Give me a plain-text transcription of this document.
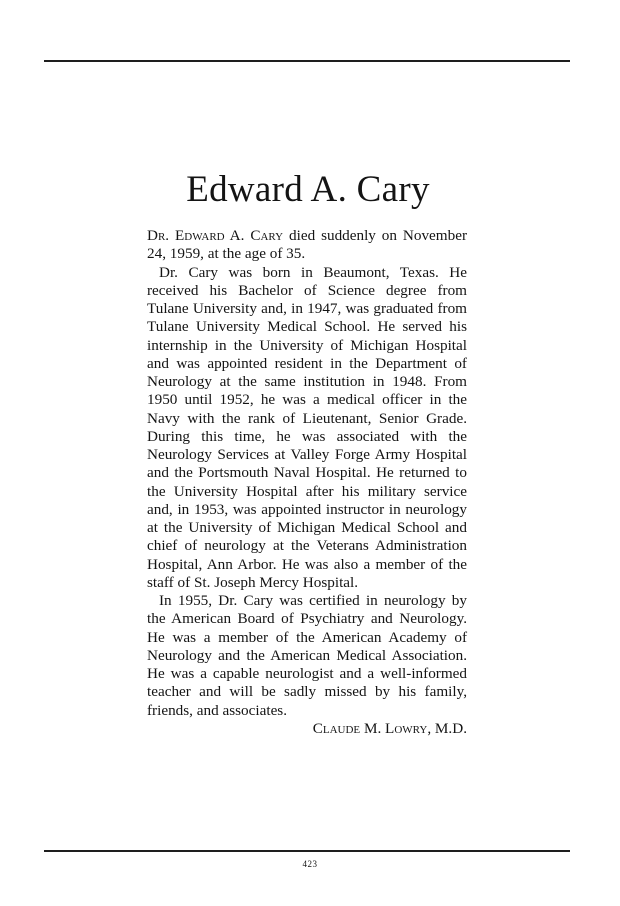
Edward A. Cary

Dr. Edward A. Cary died suddenly on November 24, 1959, at the age of 35.

Dr. Cary was born in Beaumont, Texas. He received his Bachelor of Science degree from Tulane University and, in 1947, was graduated from Tulane University Medical School. He served his internship in the University of Michigan Hospital and was appointed resident in the Department of Neurology at the same institution in 1948. From 1950 until 1952, he was a medical officer in the Navy with the rank of Lieutenant, Senior Grade. During this time, he was associated with the Neurology Services at Valley Forge Army Hospital and the Portsmouth Naval Hospital. He returned to the University Hospital after his military service and, in 1953, was appointed instructor in neurology at the University of Michigan Medical School and chief of neurology at the Veterans Administration Hospital, Ann Arbor. He was also a member of the staff of St. Joseph Mercy Hospital.

In 1955, Dr. Cary was certified in neurology by the American Board of Psychiatry and Neurology. He was a member of the American Academy of Neurology and the American Medical Association. He was a capable neurologist and a well-informed teacher and will be sadly missed by his family, friends, and associates.

Claude M. Lowry, M.D.

423
